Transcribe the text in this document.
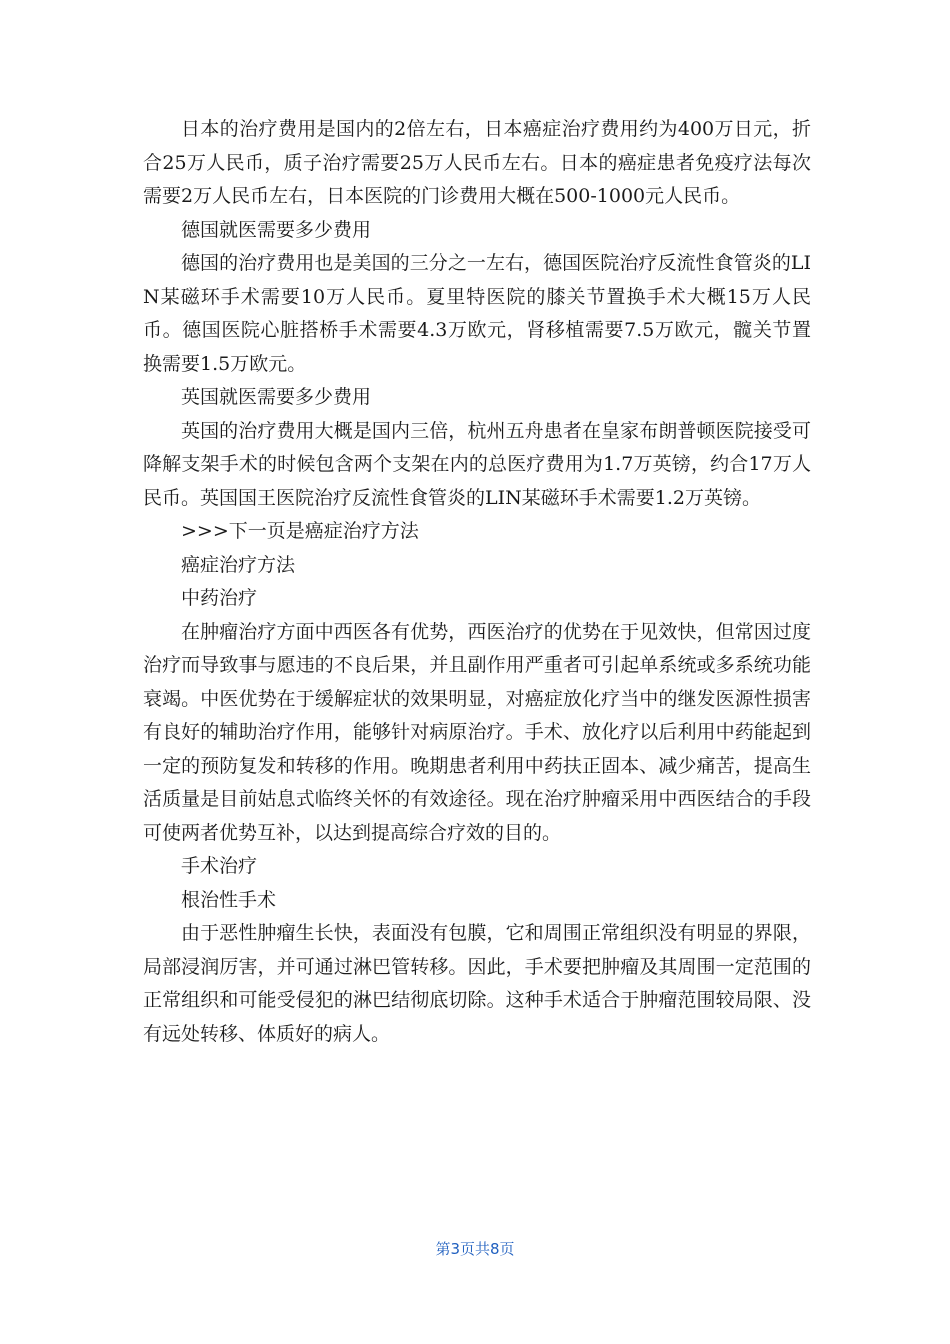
日本的治疗费用是国内的2倍左右，日本癌症治疗费用约为400万日元，折合25万人民币，质子治疗需要25万人民币左右。日本的癌症患者免疫疗法每次需要2万人民币左右，日本医院的门诊费用大概在500-1000元人民币。

德国就医需要多少费用

德国的治疗费用也是美国的三分之一左右，德国医院治疗反流性食管炎的LIN某磁环手术需要10万人民币。夏里特医院的膝关节置换手术大概15万人民币。德国医院心脏搭桥手术需要4.3万欧元，肾移植需要7.5万欧元，髋关节置换需要1.5万欧元。

英国就医需要多少费用

英国的治疗费用大概是国内三倍，杭州五舟患者在皇家布朗普顿医院接受可降解支架手术的时候包含两个支架在内的总医疗费用为1.7万英镑，约合17万人民币。英国国王医院治疗反流性食管炎的LIN某磁环手术需要1.2万英镑。

>>>下一页是癌症治疗方法

癌症治疗方法

中药治疗

在肿瘤治疗方面中西医各有优势，西医治疗的优势在于见效快，但常因过度治疗而导致事与愿违的不良后果，并且副作用严重者可引起单系统或多系统功能衰竭。中医优势在于缓解症状的效果明显，对癌症放化疗当中的继发医源性损害有良好的辅助治疗作用，能够针对病原治疗。手术、放化疗以后利用中药能起到一定的预防复发和转移的作用。晚期患者利用中药扶正固本、减少痛苦，提高生活质量是目前姑息式临终关怀的有效途径。现在治疗肿瘤采用中西医结合的手段可使两者优势互补，以达到提高综合疗效的目的。

手术治疗

根治性手术

由于恶性肿瘤生长快，表面没有包膜，它和周围正常组织没有明显的界限，局部浸润厉害，并可通过淋巴管转移。因此，手术要把肿瘤及其周围一定范围的正常组织和可能受侵犯的淋巴结彻底切除。这种手术适合于肿瘤范围较局限、没有远处转移、体质好的病人。

第3页共8页
